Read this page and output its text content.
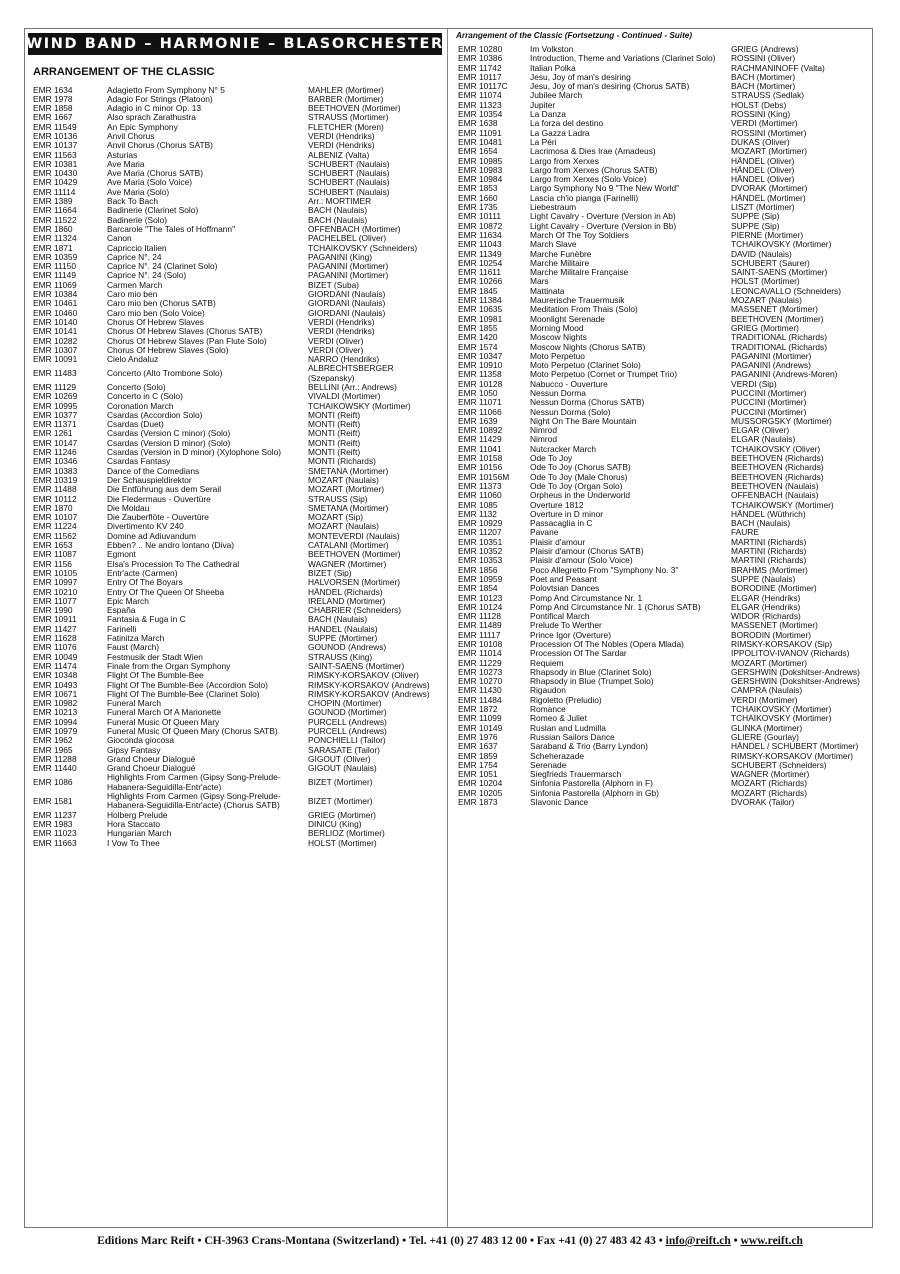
WIND BAND – HARMONIE – BLASORCHESTER
ARRANGEMENT OF THE CLASSIC
Arrangement of the Classic (Fortsetzung - Continued - Suite)
EMR 1634	Adagietto From Symphony N° 5	MAHLER (Mortimer)
EMR 1978	Adagio For Strings (Platoon)	BARBER (Mortimer)
EMR 1858	Adagio in C minor Op. 13	BEETHOVEN (Mortimer)
EMR 1667	Also sprach Zarathustra	STRAUSS (Mortimer)
EMR 11549	An Epic Symphony	FLETCHER (Moren)
EMR 10136	Anvil Chorus	VERDI (Hendriks)
EMR 10137	Anvil Chorus (Chorus SATB)	VERDI (Hendriks)
EMR 11563	Asturias	ALBENIZ (Valta)
EMR 10381	Ave Maria	SCHUBERT (Naulais)
EMR 10430	Ave Maria (Chorus SATB)	SCHUBERT (Naulais)
EMR 10429	Ave Maria (Solo Voice)	SCHUBERT (Naulais)
EMR 11114	Ave Maria (Solo)	SCHUBERT (Naulais)
EMR 1389	Back To Bach	Arr.: MORTIMER
EMR 11664	Badinerie (Clarinet Solo)	BACH (Naulais)
EMR 11522	Badinerie (Solo)	BACH (Naulais)
EMR 1860	Barcarole "The Tales of Hoffmann"	OFFENBACH (Mortimer)
EMR 11324	Canon	PACHELBEL (Oliver)
EMR 1871	Capriccio Italien	TCHAIKOVSKY (Schneiders)
EMR 10359	Caprice N°. 24	PAGANINI (King)
EMR 11150	Caprice N°. 24 (Clarinet Solo)	PAGANINI (Mortimer)
EMR 11149	Caprice N°. 24 (Solo)	PAGANINI (Mortimer)
EMR 11069	Carmen March	BIZET (Suba)
EMR 10384	Caro mio ben	GIORDANI (Naulais)
EMR 10461	Caro mio ben (Chorus SATB)	GIORDANI (Naulais)
EMR 10460	Caro mio ben (Solo Voice)	GIORDANI (Naulais)
EMR 10140	Chorus Of Hebrew Slaves	VERDI (Hendriks)
EMR 10141	Chorus Of Hebrew Slaves (Chorus SATB)	VERDI (Hendriks)
EMR 10282	Chorus Of Hebrew Slaves (Pan Flute Solo)	VERDI (Oliver)
EMR 10307	Chorus Of Hebrew Slaves (Solo)	VERDI (Oliver)
EMR 10091	Cielo Andaluz	NARRO (Hendriks)
EMR 11483	Concerto (Alto Trombone Solo)	ALBRECHTSBERGER (Szepansky)
EMR 11129	Concerto (Solo)	BELLINI (Arr.: Andrews)
EMR 10269	Concerto in C (Solo)	VIVALDI (Mortimer)
EMR 10995	Coronation March	TCHAIKOWSKY (Mortimer)
EMR 10377	Csardas (Accordion Solo)	MONTI (Reift)
EMR 11371	Csardas (Duet)	MONTI (Reift)
EMR 1261	Csardas (Version C minor) (Solo)	MONTI (Reift)
EMR 10147	Csardas (Version D minor) (Solo)	MONTI (Reift)
EMR 11246	Csardas (Version in D minor) (Xylophone Solo)	MONTI (Reift)
EMR 10346	Csardas Fantasy	MONTI (Richards)
EMR 10383	Dance of the Comedians	SMETANA (Mortimer)
EMR 10319	Der Schauspieldirektor	MOZART (Naulais)
EMR 11488	Die Entführung aus dem Serail	MOZART (Mortimer)
EMR 10112	Die Fledermaus - Ouvertüre	STRAUSS (Sip)
EMR 1870	Die Moldau	SMETANA (Mortimer)
EMR 10107	Die Zauberflöte - Ouvertüre	MOZART (Sip)
EMR 11224	Divertimento KV 240	MOZART (Naulais)
EMR 11562	Domine ad Adiuvandum	MONTEVERDI (Naulais)
EMR 1653	Ebben? .. Ne andro lontano (Diva)	CATALANI (Mortimer)
EMR 11087	Egmont	BEETHOVEN (Mortimer)
EMR 1156	Elsa's Procession To The Cathedral	WAGNER (Mortimer)
EMR 10105	Entr'acte (Carmen)	BIZET (Sip)
EMR 10997	Entry Of The Boyars	HALVORSEN (Mortimer)
EMR 10210	Entry Of The Queen Of Sheeba	HÄNDEL (Richards)
EMR 11077	Epic March	IRELAND (Mortimer)
EMR 1990	España	CHABRIER (Schneiders)
EMR 10911	Fantasia & Fuga in C	BACH (Naulais)
EMR 11427	Farinelli	HANDEL (Naulais)
EMR 11628	Fatinitza March	SUPPE (Mortimer)
EMR 11076	Faust (March)	GOUNOD (Andrews)
EMR 10049	Festmusik der Stadt Wien	STRAUSS (King)
EMR 11474	Finale from the Organ Symphony	SAINT-SAENS (Mortimer)
EMR 10348	Flight Of The Bumble-Bee	RIMSKY-KORSAKOV (Oliver)
EMR 10493	Flight Of The Bumble-Bee (Accordion Solo)	RIMSKY-KORSAKOV (Andrews)
EMR 10671	Flight Of The Bumble-Bee (Clarinet Solo)	RIMSKY-KORSAKOV (Andrews)
EMR 10982	Funeral March	CHOPIN (Mortimer)
EMR 10213	Funeral March Of A Marionette	GOUNOD (Mortimer)
EMR 10994	Funeral Music Of Queen Mary	PURCELL (Andrews)
EMR 10979	Funeral Music Of Queen Mary (Chorus SATB)	PURCELL (Andrews)
EMR 1962	Gioconda giocosa	PONCHIELLI (Tailor)
EMR 1965	Gipsy Fantasy	SARASATE (Tailor)
EMR 11288	Grand Choeur Dialogué	GIGOUT (Oliver)
EMR 11440	Grand Choeur Dialogué	GIGOUT (Naulais)
EMR 1086	Highlights From Carmen (Gipsy Song-Prelude-Habanera-Seguidilla-Entr'acte)	BIZET (Mortimer)
EMR 1581	Highlights From Carmen (Gipsy Song-Prelude-Habanera-Seguidilla-Entr'acte) (Chorus SATB)	BIZET (Mortimer)
EMR 11237	Holberg Prelude	GRIEG (Mortimer)
EMR 1983	Hora Staccato	DINICU (King)
EMR 11023	Hungarian March	BERLIOZ (Mortimer)
EMR 11663	I Vow To Thee	HOLST (Mortimer)
EMR 10280	Im Volkston	GRIEG (Andrews)
EMR 10386	Introduction, Theme and Variations (Clarinet Solo)	ROSSINI (Oliver)
EMR 11742	Italian Polka	RACHMANINOFF (Valta)
EMR 10117	Jesu, Joy of man's desiring	BACH (Mortimer)
EMR 10117C	Jesu, Joy of man's desiring (Chorus SATB)	BACH (Mortimer)
EMR 11074	Jubilee March	STRAUSS (Sedlak)
EMR 11323	Jupiter	HOLST (Debs)
EMR 10354	La Danza	ROSSINI (King)
EMR 1638	La forza del destino	VERDI (Mortimer)
EMR 11091	La Gazza Ladra	ROSSINI (Mortimer)
EMR 10481	La Péri	DUKAS (Oliver)
EMR 1654	Lacrimosa & Dies Irae (Amadeus)	MOZART (Mortimer)
EMR 10985	Largo from Xerxes	HÄNDEL (Oliver)
EMR 10983	Largo from Xerxes (Chorus SATB)	HÄNDEL (Oliver)
EMR 10984	Largo from Xerxes (Solo Voice)	HÄNDEL (Oliver)
EMR 1853	Largo Symphony No 9 "The New World"	DVORAK (Mortimer)
EMR 1660	Lascia ch'io pianga (Farinelli)	HÄNDEL (Mortimer)
EMR 1735	Liebestraum	LISZT (Mortimer)
EMR 10111	Light Cavalry - Overture (Version in Ab)	SUPPE (Sip)
EMR 10872	Light Cavalry - Overture (Version in Bb)	SUPPE (Sip)
EMR 11634	March Of The Toy Soldiers	PIERNE (Mortimer)
EMR 11043	March Slave	TCHAIKOVSKY (Mortimer)
EMR 11349	Marche Funèbre	DAVID (Naulais)
EMR 10254	Marche Militaire	SCHUBERT (Saurer)
EMR 11611	Marche Militaire Française	SAINT-SAENS (Mortimer)
EMR 10266	Mars	HOLST (Mortimer)
EMR 1845	Mattinata	LEONCAVALLO (Schneiders)
EMR 11384	Maurerische Trauermusik	MOZART (Naulais)
EMR 10635	Meditation From Thais (Solo)	MASSENET (Mortimer)
EMR 10981	Moonlight Serenade	BEETHOVEN (Mortimer)
EMR 1855	Morning Mood	GRIEG (Mortimer)
EMR 1420	Moscow Nights	TRADITIONAL (Richards)
EMR 1574	Moscow Nights (Chorus SATB)	TRADITIONAL (Richards)
EMR 10347	Moto Perpetuo	PAGANINI (Mortimer)
EMR 10910	Moto Perpetuo (Clarinet Solo)	PAGANINI (Andrews)
EMR 11358	Moto Perpetuo (Cornet or Trumpet Trio)	PAGANINI (Andrews-Moren)
EMR 10128	Nabucco - Ouverture	VERDI (Sip)
EMR 1050	Nessun Dorma	PUCCINI (Mortimer)
EMR 11071	Nessun Dorma (Chorus SATB)	PUCCINI (Mortimer)
EMR 11066	Nessun Dorma (Solo)	PUCCINI (Mortimer)
EMR 1639	Night On The Bare Mountain	MUSSORGSKY (Mortimer)
EMR 10892	Nimrod	ELGAR (Oliver)
EMR 11429	Nimrod	ELGAR (Naulais)
EMR 11041	Nutcracker March	TCHAIKOVSKY (Oliver)
EMR 10158	Ode To Joy	BEETHOVEN (Richards)
EMR 10156	Ode To Joy (Chorus SATB)	BEETHOVEN (Richards)
EMR 10156M	Ode To Joy (Male Chorus)	BEETHOVEN (Richards)
EMR 11373	Ode To Joy (Organ Solo)	BEETHOVEN (Naulais)
EMR 11060	Orpheus in the Underworld	OFFENBACH (Naulais)
EMR 1085	Overture 1812	TCHAIKOWSKY (Mortimer)
EMR 1132	Overture in D minor	HÄNDEL (Wüthrich)
EMR 10929	Passacaglia in C	BACH (Naulais)
EMR 11207	Pavane	FAURE
EMR 10351	Plaisir d'amour	MARTINI (Richards)
EMR 10352	Plaisir d'amour (Chorus SATB)	MARTINI (Richards)
EMR 10353	Plaisir d'amour (Solo Voice)	MARTINI (Richards)
EMR 1856	Poco Allegretto From "Symphony No. 3"	BRAHMS (Mortimer)
EMR 10959	Poet and Peasant	SUPPE (Naulais)
EMR 1854	Polovtsian Dances	BORODINE (Mortimer)
EMR 10123	Pomp And Circumstance Nr. 1	ELGAR (Hendriks)
EMR 10124	Pomp And Circumstance Nr. 1 (Chorus SATB)	ELGAR (Hendriks)
EMR 11128	Pontifical March	WIDOR (Richards)
EMR 11489	Prelude To Werther	MASSENET (Mortimer)
EMR 11117	Prince Igor (Overture)	BORODIN (Mortimer)
EMR 10108	Procession Of The Nobles (Opera Mlada)	RIMSKY-KORSAKOV (Sip)
EMR 11014	Procession Of The Sardar	IPPOLITOV-IVANOV (Richards)
EMR 11229	Requiem	MOZART (Mortimer)
EMR 10273	Rhapsody in Blue (Clarinet Solo)	GERSHWIN (Dokshitser-Andrews)
EMR 10270	Rhapsody in Blue (Trumpet Solo)	GERSHWIN (Dokshitser-Andrews)
EMR 11430	Rigaudon	CAMPRA (Naulais)
EMR 11484	Rigoletto (Preludio)	VERDI (Mortimer)
EMR 1872	Romance	TCHAIKOVSKY (Mortimer)
EMR 11099	Romeo & Juliet	TCHAIKOVSKY (Mortimer)
EMR 10149	Ruslan and Ludmilla	GLINKA (Mortimer)
EMR 1976	Russian Sailors Dance	GLIERE (Gourlay)
EMR 1637	Saraband & Trio (Barry Lyndon)	HÄNDEL / SCHUBERT (Mortimer)
EMR 1859	Scheherazade	RIMSKY-KORSAKOV (Mortimer)
EMR 1754	Serenade	SCHUBERT (Schneiders)
EMR 1051	Siegfrieds Trauermarsch	WAGNER (Mortimer)
EMR 10204	Sinfonia Pastorella (Alphorn in F)	MOZART (Richards)
EMR 10205	Sinfonia Pastorella (Alphorn in Gb)	MOZART (Richards)
EMR 1873	Slavonic Dance	DVORAK (Tailor)
Editions Marc Reift • CH-3963 Crans-Montana (Switzerland) • Tel. +41 (0) 27 483 12 00 • Fax +41 (0) 27 483 42 43 • info@reift.ch • www.reift.ch
